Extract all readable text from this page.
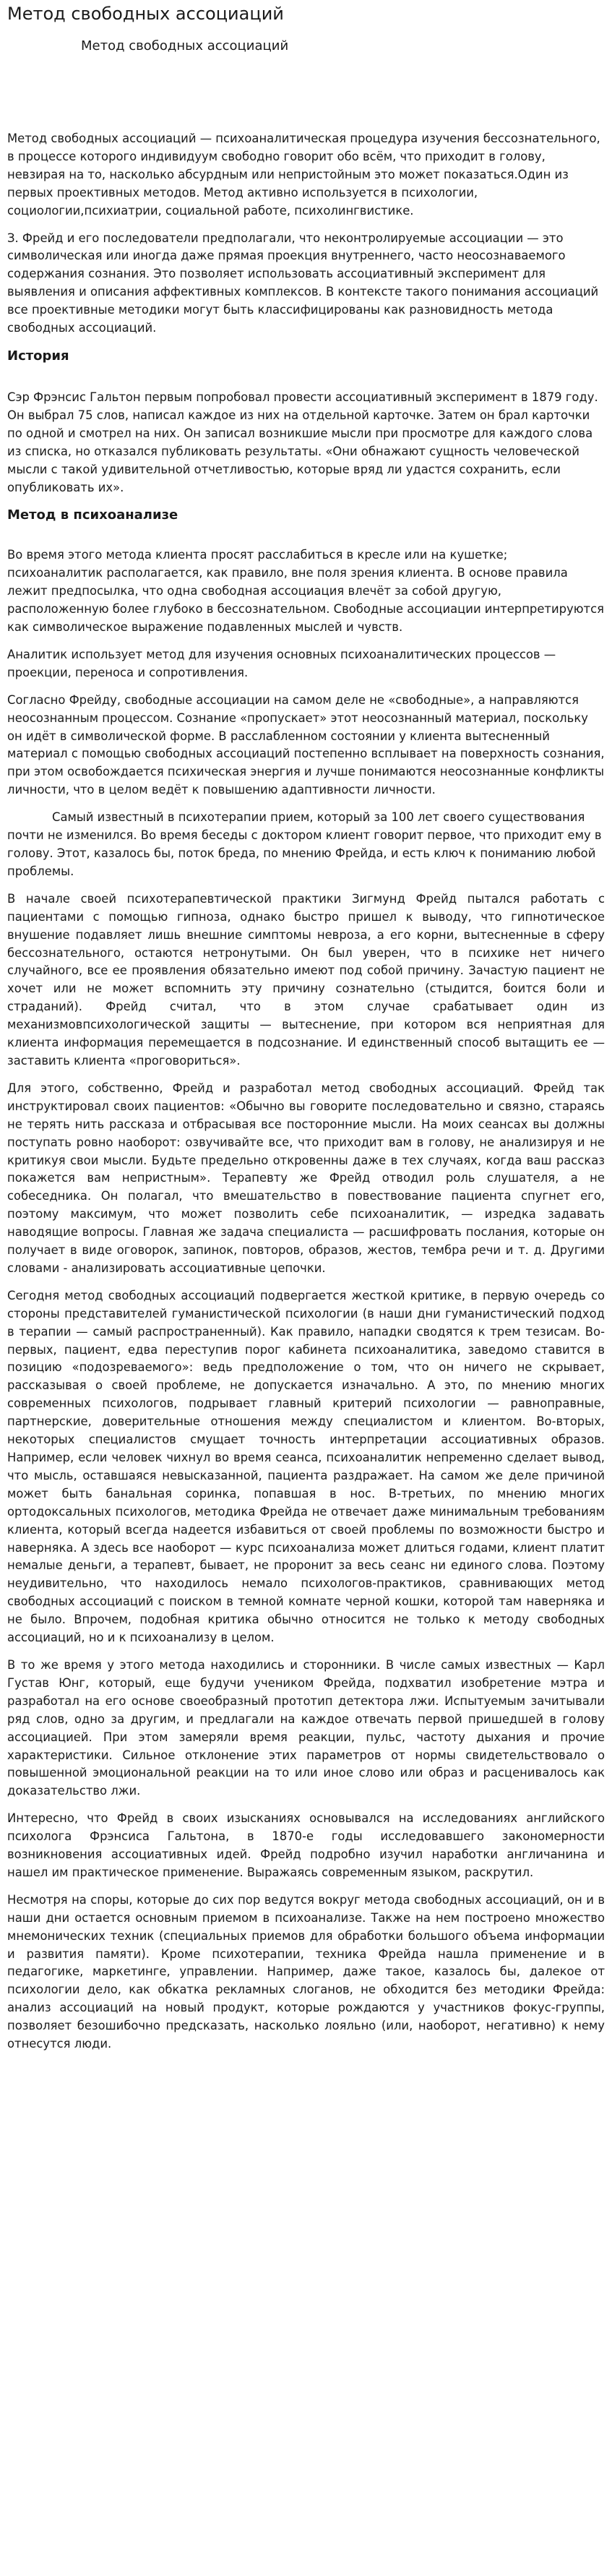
Метод свободных ассоциаций
Метод свободных ассоциаций

Метод свободных ассоциаций — психоаналитическая процедура изучения бессознательного, в процессе которого индивидуум свободно говорит обо всём, что приходит в голову, невзирая на то, насколько абсурдным или непристойным это может показаться.Один из первых проективных методов. Метод активно используется в психологии, социологии,психиатрии, социальной работе, психолингвистике.

З. Фрейд и его последователи предполагали, что неконтролируемые ассоциации — это символическая или иногда даже прямая проекция внутреннего, часто неосознаваемого содержания сознания. Это позволяет использовать ассоциативный эксперимент для выявления и описания аффективных комплексов. В контексте такого понимания ассоциаций все проективные методики могут быть классифицированы как разновидность метода свободных ассоциаций.

История

Сэр Фрэнсис Гальтон первым попробовал провести ассоциативный эксперимент в 1879 году. Он выбрал 75 слов, написал каждое из них на отдельной карточке. Затем он брал карточки по одной и смотрел на них. Он записал возникшие мысли при просмотре для каждого слова из списка, но отказался публиковать результаты. «Они обнажают сущность человеческой мысли с такой удивительной отчетливостью, которые вряд ли удастся сохранить, если опубликовать их».

Метод в психоанализе

Во время этого метода клиента просят расслабиться в кресле или на кушетке; психоаналитик располагается, как правило, вне поля зрения клиента. В основе правила лежит предпосылка, что одна свободная ассоциация влечёт за собой другую, расположенную более глубоко в бессознательном. Свободные ассоциации интерпретируются как символическое выражение подавленных мыслей и чувств.

Аналитик использует метод для изучения основных психоаналитических процессов — проекции, переноса и сопротивления.

Согласно Фрейду, свободные ассоциации на самом деле не «свободные», а направляются неосознанным процессом. Сознание «пропускает» этот неосознанный материал, поскольку он идёт в символической форме. В расслабленном состоянии у клиента вытесненный материал с помощью свободных ассоциаций постепенно всплывает на поверхность сознания, при этом освобождается психическая энергия и лучше понимаются неосознанные конфликты личности, что в целом ведёт к повышению адаптивности личности.

Самый известный в психотерапии прием, который за 100 лет своего существования почти не изменился. Во время беседы с доктором клиент говорит первое, что приходит ему в голову. Этот, казалось бы, поток бреда, по мнению Фрейда, и есть ключ к пониманию любой проблемы.

В начале своей психотерапевтической практики Зигмунд Фрейд пытался работать с пациентами с помощью гипноза, однако быстро пришел к выводу, что гипнотическое внушение подавляет лишь внешние симптомы невроза, а его корни, вытесненные в сферу бессознательного, остаются нетронутыми. Он был уверен, что в психике нет ничего случайного, все ее проявления обязательно имеют под собой причину. Зачастую пациент не хочет или не может вспомнить эту причину сознательно (стыдится, боится боли и страданий). Фрейд считал, что в этом случае срабатывает один из механизмовпсихологической защиты — вытеснение, при котором вся неприятная для клиента информация перемещается в подсознание. И единственный способ вытащить ее — заставить клиента «проговориться».

Для этого, собственно, Фрейд и разработал метод свободных ассоциаций. Фрейд так инструктировал своих пациентов: «Обычно вы говорите последовательно и связно, стараясь не терять нить рассказа и отбрасывая все посторонние мысли. На моих сеансах вы должны поступать ровно наоборот: озвучивайте все, что приходит вам в голову, не анализируя и не критикуя свои мысли. Будьте предельно откровенны даже в тех случаях, когда ваш рассказ покажется вам непристным». Терапевту же Фрейд отводил роль слушателя, а не собеседника. Он полагал, что вмешательство в повествование пациента спугнет его, поэтому максимум, что может позволить себе психоаналитик, — изредка задавать наводящие вопросы. Главная же задача специалиста — расшифровать послания, которые он получает в виде оговорок, запинок, повторов, образов, жестов, тембра речи и т. д. Другими словами - анализировать ассоциативные цепочки.

Сегодня метод свободных ассоциаций подвергается жесткой критике, в первую очередь со стороны представителей гуманистической психологии (в наши дни гуманистический подход в терапии — самый распространенный). Как правило, нападки сводятся к трем тезисам. Во-первых, пациент, едва переступив порог кабинета психоаналитика, заведомо ставится в позицию «подозреваемого»: ведь предположение о том, что он ничего не скрывает, рассказывая о своей проблеме, не допускается изначально. А это, по мнению многих современных психологов, подрывает главный критерий психологии — равноправные, партнерские, доверительные отношения между специалистом и клиентом. Во-вторых, некоторых специалистов смущает точность интерпретации ассоциативных образов. Например, если человек чихнул во время сеанса, психоаналитик непременно сделает вывод, что мысль, оставшаяся невысказанной, пациента раздражает. На самом же деле причиной может быть банальная соринка, попавшая в нос. В-третьих, по мнению многих ортодоксальных психологов, методика Фрейда не отвечает даже минимальным требованиям клиента, который всегда надеется избавиться от своей проблемы по возможности быстро и наверняка. А здесь все наоборот — курс психоанализа может длиться годами, клиент платит немалые деньги, а терапевт, бывает, не проронит за весь сеанс ни единого слова. Поэтому неудивительно, что находилось немало психологов-практиков, сравнивающих метод свободных ассоциаций с поиском в темной комнате черной кошки, которой там наверняка и не было. Впрочем, подобная критика обычно относится не только к методу свободных ассоциаций, но и к психоанализу в целом.

В то же время у этого метода находились и сторонники. В числе самых известных — Карл Густав Юнг, который, еще будучи учеником Фрейда, подхватил изобретение мэтра и разработал на его основе своеобразный прототип детектора лжи. Испытуемым зачитывали ряд слов, одно за другим, и предлагали на каждое отвечать первой пришедшей в голову ассоциацией. При этом замеряли время реакции, пульс, частоту дыхания и прочие характеристики. Сильное отклонение этих параметров от нормы свидетельствовало о повышенной эмоциональной реакции на то или иное слово или образ и расценивалось как доказательство лжи.

Интересно, что Фрейд в своих изысканиях основывался на исследованиях английского психолога Фрэнсиса Гальтона, в 1870-е годы исследовавшего закономерности возникновения ассоциативных идей. Фрейд подробно изучил наработки англичанина и нашел им практическое применение. Выражаясь современным языком, раскрутил.

Несмотря на споры, которые до сих пор ведутся вокруг метода свободных ассоциаций, он и в наши дни остается основным приемом в психоанализе. Также на нем построено множество мнемонических техник (специальных приемов для обработки большого объема информации и развития памяти). Кроме психотерапии, техника Фрейда нашла применение и в педагогике, маркетинге, управлении. Например, даже такое, казалось бы, далекое от психологии дело, как обкатка рекламных слоганов, не обходится без методики Фрейда: анализ ассоциаций на новый продукт, которые рождаются у участников фокус-группы, позволяет безошибочно предсказать, насколько лояльно (или, наоборот, негативно) к нему отнесутся люди.
